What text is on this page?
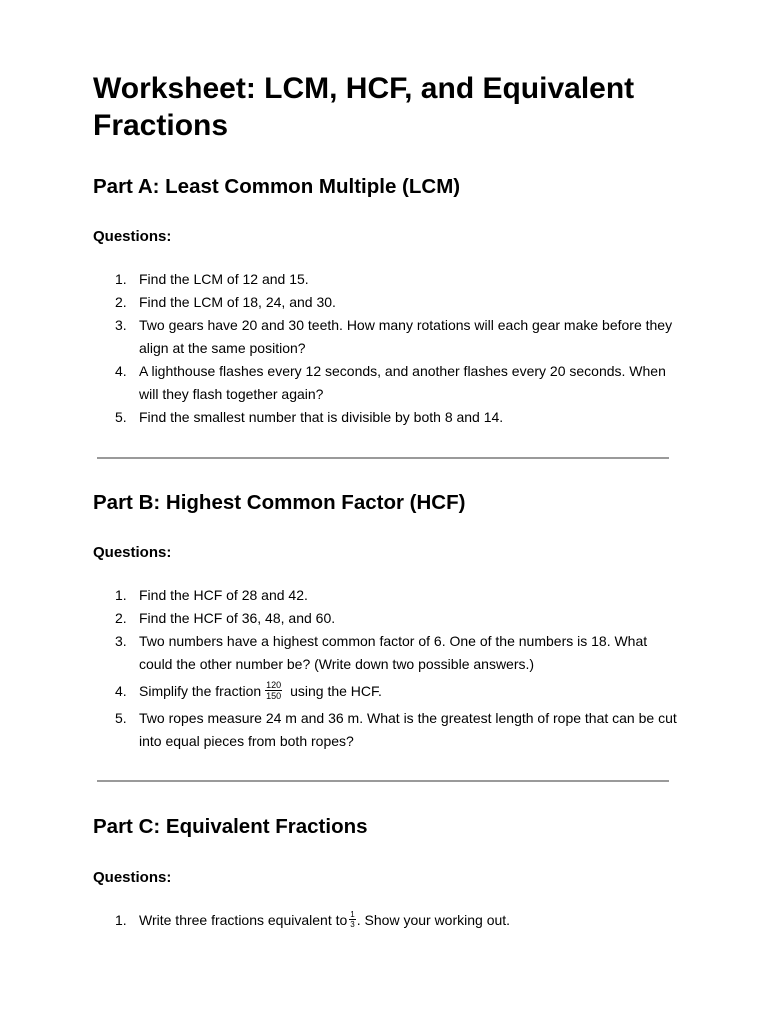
Worksheet: LCM, HCF, and Equivalent Fractions
Part A: Least Common Multiple (LCM)
Questions:
1. Find the LCM of 12 and 15.
2. Find the LCM of 18, 24, and 30.
3. Two gears have 20 and 30 teeth. How many rotations will each gear make before they align at the same position?
4. A lighthouse flashes every 12 seconds, and another flashes every 20 seconds. When will they flash together again?
5. Find the smallest number that is divisible by both 8 and 14.
Part B: Highest Common Factor (HCF)
Questions:
1. Find the HCF of 28 and 42.
2. Find the HCF of 36, 48, and 60.
3. Two numbers have a highest common factor of 6. One of the numbers is 18. What could the other number be? (Write down two possible answers.)
4. Simplify the fraction $\frac{120}{150}$ using the HCF.
5. Two ropes measure 24 m and 36 m. What is the greatest length of rope that can be cut into equal pieces from both ropes?
Part C: Equivalent Fractions
Questions:
1. Write three fractions equivalent to $\frac{1}{3}$ . Show your working out.
